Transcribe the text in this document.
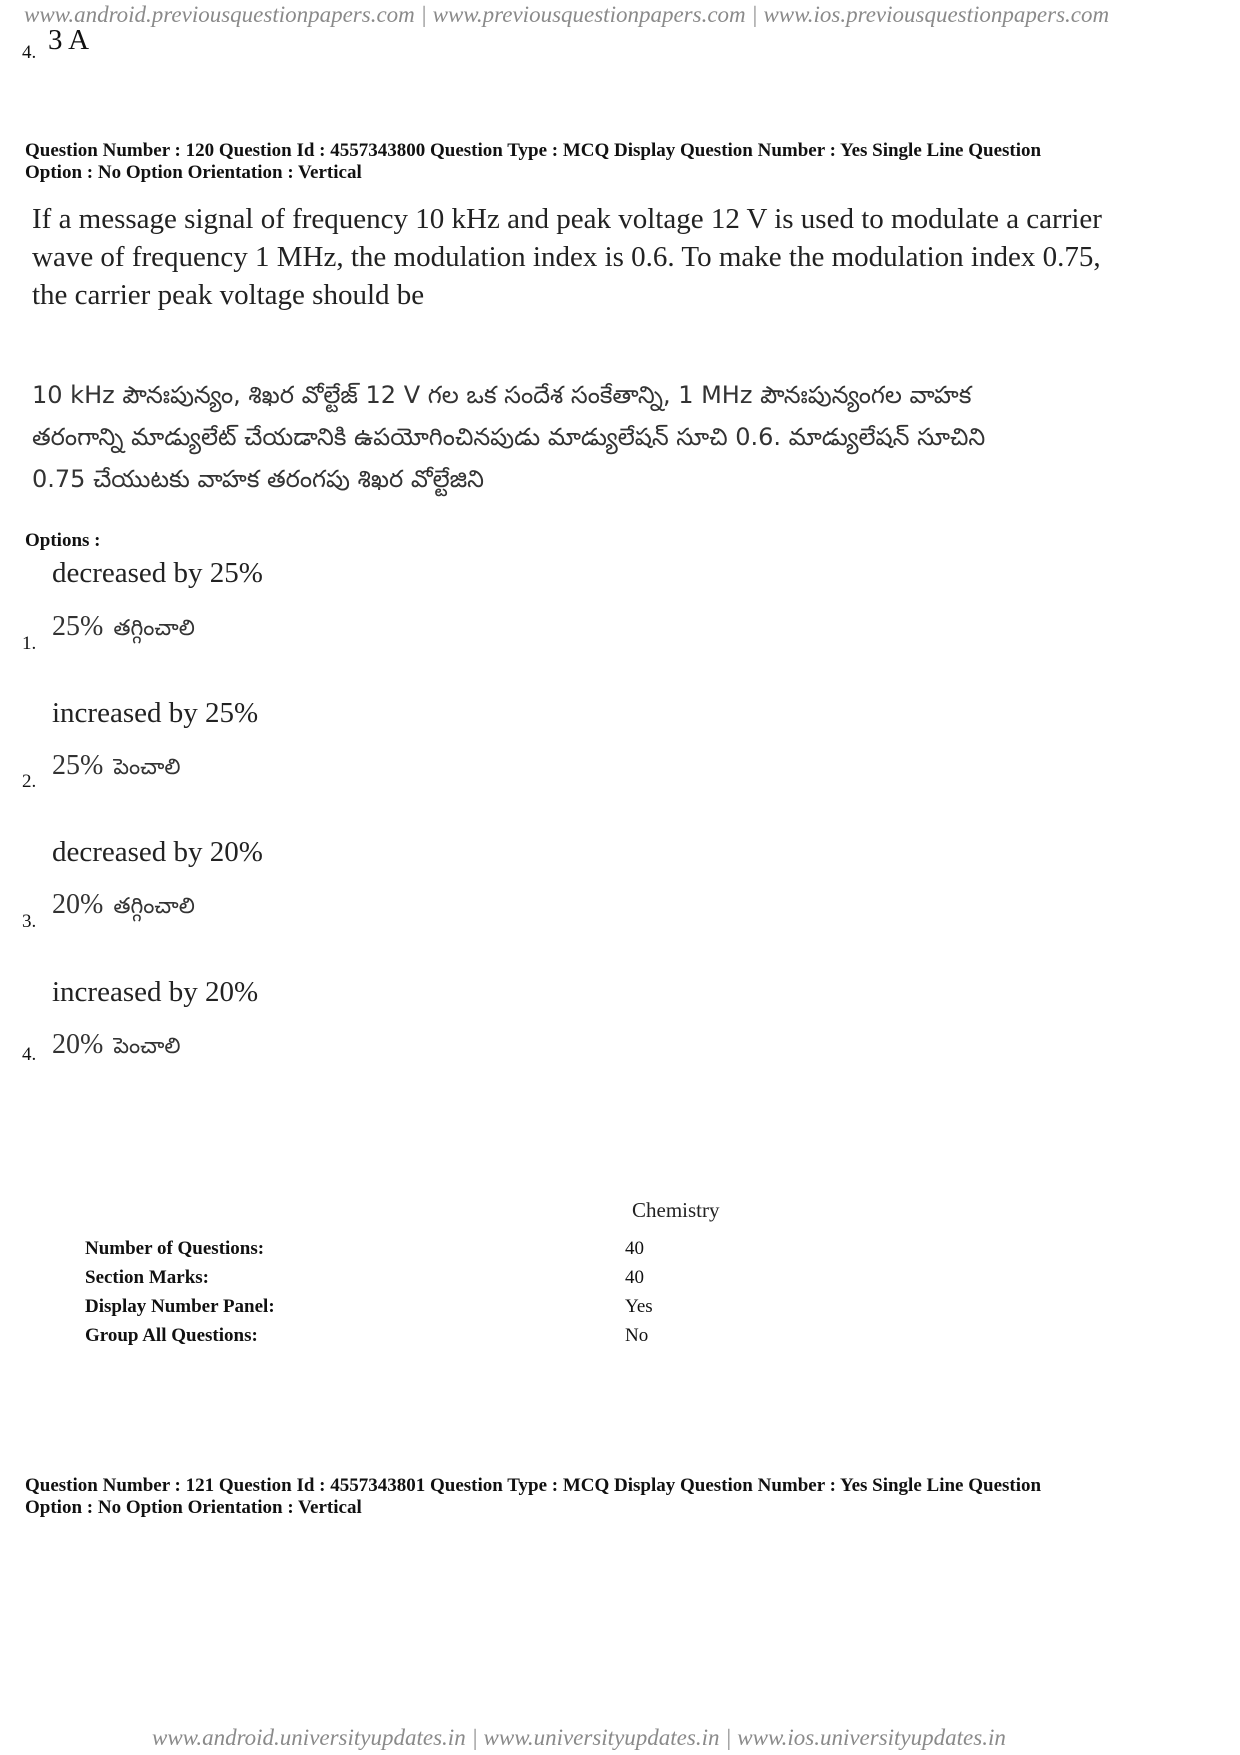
www.android.previousquestionpapers.com | www.previousquestionpapers.com | www.ios.previousquestionpapers.com
4. 3 A
Question Number : 120 Question Id : 4557343800 Question Type : MCQ Display Question Number : Yes Single Line Question
Option : No Option Orientation : Vertical
If a message signal of frequency 10 kHz and peak voltage 12 V is used to modulate a carrier
wave of frequency 1 MHz, the modulation index is 0.6. To make the modulation index 0.75,
the carrier peak voltage should be
10 kHz పౌనఃపున్యం, శిఖర వోల్టేజ్ 12 V గల ఒక సందేశ సంకేతాన్ని, 1 MHz పౌనఃపున్యంగల వాహక
తరంగాన్ని మాడ్యులేట్ చేయడానికి ఉపయోగించినపుడు మాడ్యులేషన్ సూచి 0.6. మాడ్యులేషన్ సూచిని
0.75 చేయుటకు వాహక తరంగపు శిఖర వోల్టేజిని
Options :
decreased by 25%
25% తగ్గించాలి
1.
increased by 25%
25% పెంచాలి
2.
decreased by 20%
20% తగ్గించాలి
3.
increased by 20%
20% పెంచాలి
4.
Chemistry
Number of Questions:	40
Section Marks:	40
Display Number Panel:	Yes
Group All Questions:	No
Question Number : 121 Question Id : 4557343801 Question Type : MCQ Display Question Number : Yes Single Line Question
Option : No Option Orientation : Vertical
www.android.universityupdates.in | www.universityupdates.in | www.ios.universityupdates.in
